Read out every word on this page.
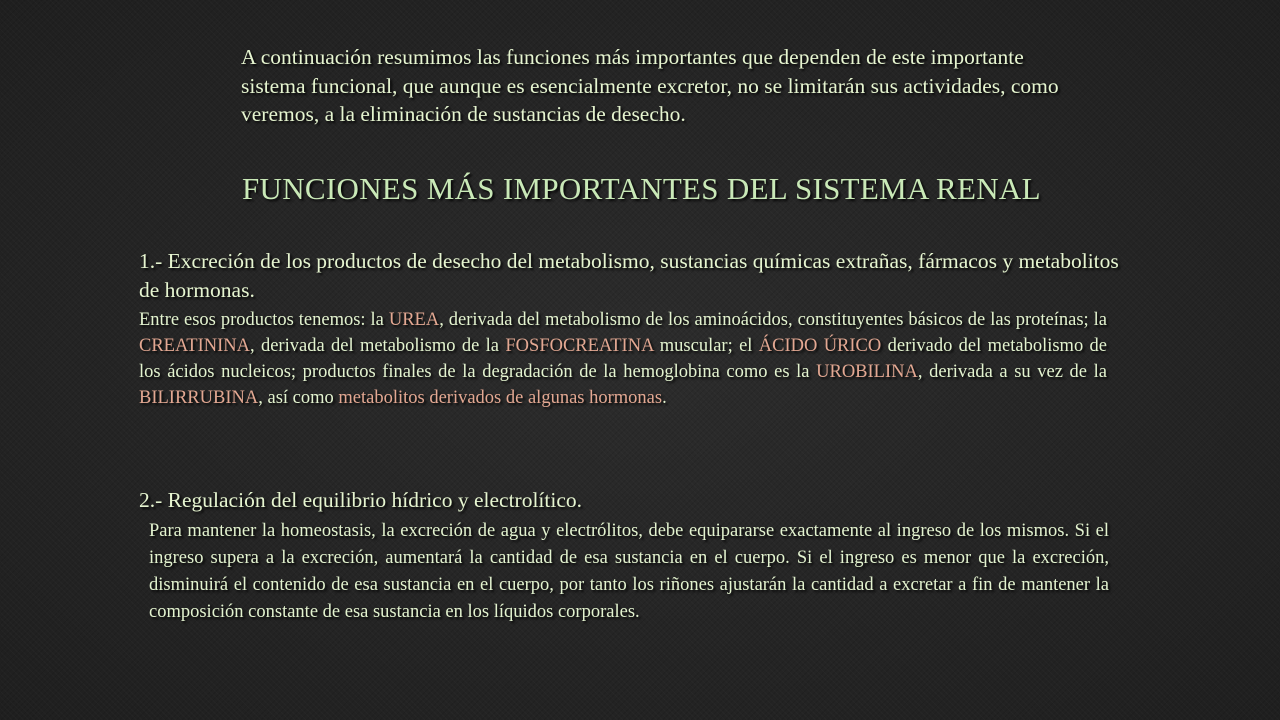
A continuación resumimos las funciones más importantes que dependen de este importante sistema funcional, que aunque es esencialmente excretor, no se limitarán sus actividades, como veremos, a la eliminación de sustancias de desecho.

FUNCIONES MÁS IMPORTANTES DEL SISTEMA RENAL

1.- Excreción de los productos de desecho del metabolismo, sustancias químicas extrañas, fármacos y metabolitos de hormonas.

Entre esos productos tenemos: la UREA, derivada del metabolismo de los aminoácidos, constituyentes básicos de las proteínas; la CREATININA, derivada del metabolismo de la FOSFOCREATINA muscular; el ÁCIDO ÚRICO derivado del metabolismo de los ácidos nucleicos; productos finales de la degradación de la hemoglobina como es la UROBILINA, derivada a su vez de la BILIRRUBINA, así como metabolitos derivados de algunas hormonas.

2.- Regulación del equilibrio hídrico y electrolítico.

Para mantener la homeostasis, la excreción de agua y electrólitos, debe equipararse exactamente al ingreso de los mismos. Si el ingreso supera a la excreción, aumentará la cantidad de esa sustancia en el cuerpo. Si el ingreso es menor que la excreción, disminuirá el contenido de esa sustancia en el cuerpo, por tanto los riñones ajustarán la cantidad a excretar a fin de mantener la composición constante de esa sustancia en los líquidos corporales.
